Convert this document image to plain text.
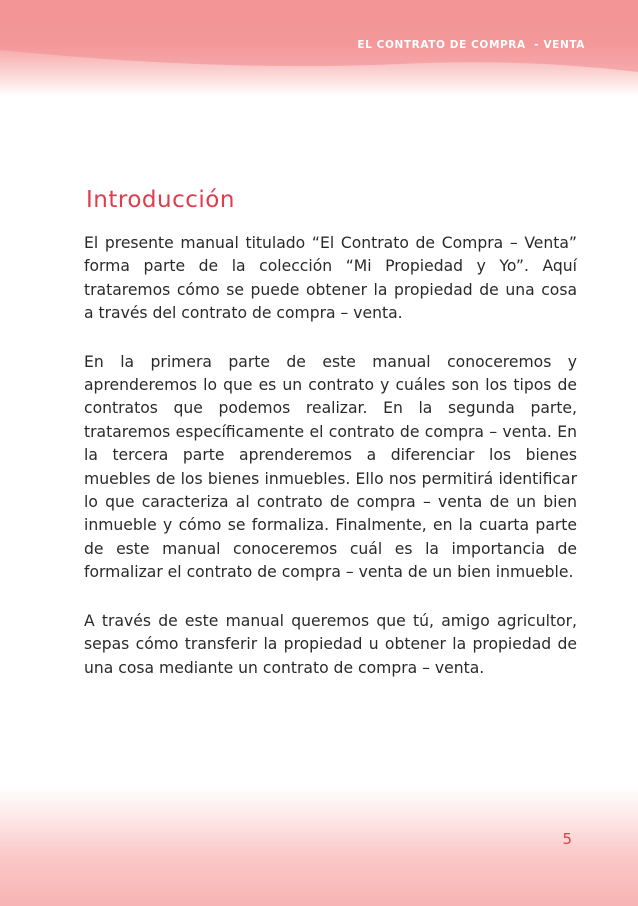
EL CONTRATO DE COMPRA  - VENTA
Introducción

El presente manual titulado “El Contrato de Compra – Venta” forma parte de la colección “Mi Propiedad y Yo”. Aquí trataremos cómo se puede obtener la propiedad de una cosa a través del contrato de compra – venta.

En la primera parte de este manual conoceremos y aprenderemos lo que es un contrato y cuáles son los tipos de contratos que podemos realizar. En la segunda parte, trataremos específicamente el contrato de compra – venta. En la tercera parte aprenderemos a diferenciar los bienes muebles de los bienes inmuebles. Ello nos permitirá identificar lo que caracteriza al contrato de compra – venta de un bien inmueble y cómo se formaliza. Finalmente, en la cuarta parte de este manual conoceremos cuál es la importancia de formalizar el contrato de compra – venta de un bien inmueble.

A través de este manual queremos que tú, amigo agricultor, sepas cómo transferir la propiedad u obtener la propiedad de una cosa mediante un contrato de compra – venta.

5
